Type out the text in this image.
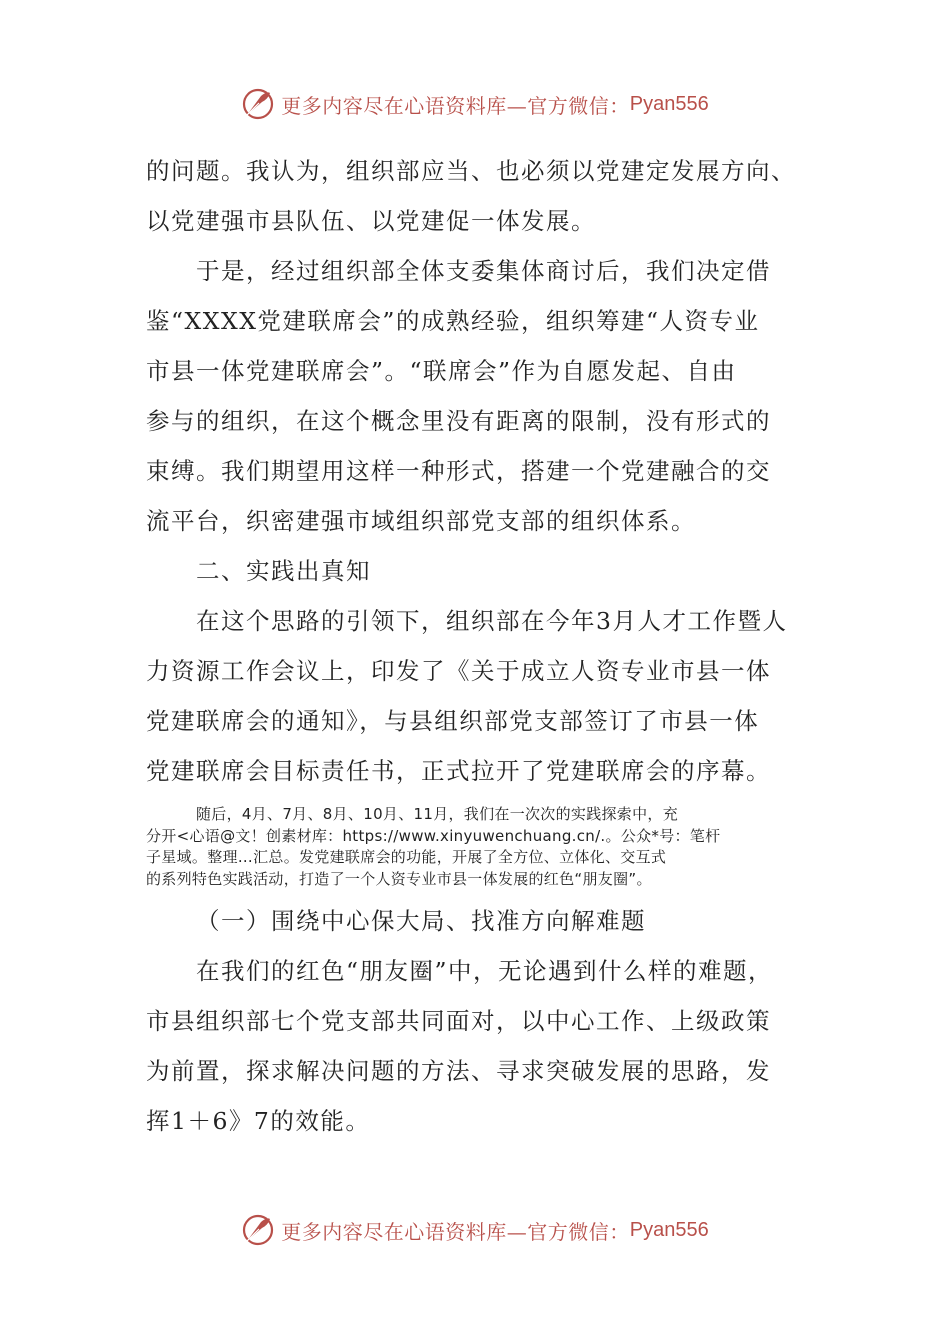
更多内容尽在心语资料库—官方微信： Pyan556
的问题。我认为，组织部应当、也必须以党建定发展方向、
以党建强市县队伍、以党建促一体发展。
于是，经过组织部全体支委集体商讨后，我们决定借
鉴“XXXX党建联席会”的成熟经验，组织筹建“人资专业
市县一体党建联席会”。“联席会”作为自愿发起、自由
参与的组织，在这个概念里没有距离的限制，没有形式的
束缚。我们期望用这样一种形式，搭建一个党建融合的交
流平台，织密建强市域组织部党支部的组织体系。
二、实践出真知
在这个思路的引领下，组织部在今年3月人才工作暨人
力资源工作会议上，印发了《关于成立人资专业市县一体
党建联席会的通知》，与县组织部党支部签订了市县一体
党建联席会目标责任书，正式拉开了党建联席会的序幕。
随后，4月、7月、8月、10月、11月，我们在一次次的实践探索中，充
分开<心语@文！创素材库：https://www.xinyuwenchuang.cn/.。公众*号：笔杆
子星域。整理…汇总。发党建联席会的功能，开展了全方位、立体化、交互式
的系列特色实践活动，打造了一个人资专业市县一体发展的红色“朋友圈”。
（一）围绕中心保大局、找准方向解难题
在我们的红色“朋友圈”中，无论遇到什么样的难题，
市县组织部七个党支部共同面对，以中心工作、上级政策
为前置，探求解决问题的方法、寻求突破发展的思路，发
挥1＋6》7的效能。
更多内容尽在心语资料库—官方微信： Pyan556
